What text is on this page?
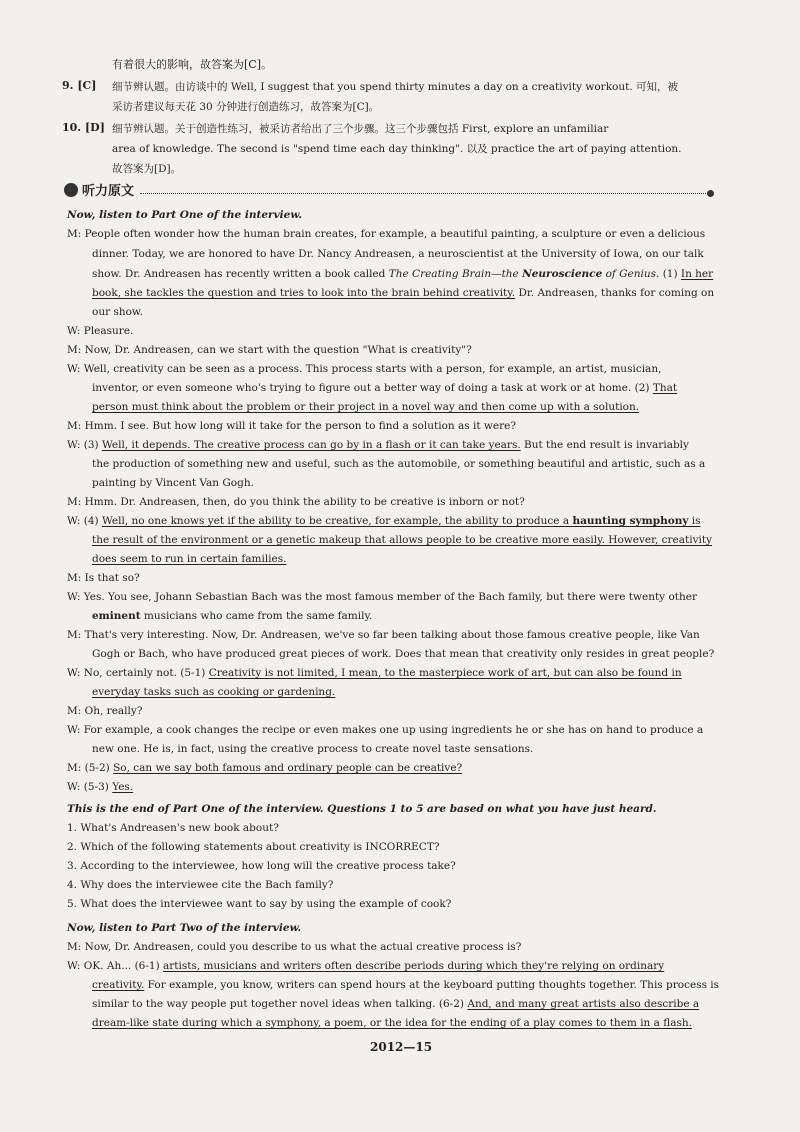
有着很大的影响，故答案为[C]。
9. [C] 细节辨认题。由访谈中的 Well, I suggest that you spend thirty minutes a day on a creativity workout. 可知，被
采访者建议每天花 30 分钟进行创造练习，故答案为[C]。
10. [D] 细节辨认题。关于创造性练习，被采访者给出了三个步骤。这三个步骤包括 First, explore an unfamiliar
area of knowledge. The second is "spend time each day thinking". 以及 practice the art of paying attention.
故答案为[D]。
听力原文
Now, listen to Part One of the interview.
M: People often wonder how the human brain creates, for example, a beautiful painting, a sculpture or even a delicious
dinner. Today, we are honored to have Dr. Nancy Andreasen, a neuroscientist at the University of Iowa, on our talk
show. Dr. Andreasen has recently written a book called The Creating Brain—the Neuroscience of Genius. (1) In her
book, she tackles the question and tries to look into the brain behind creativity. Dr. Andreasen, thanks for coming on
our show.
W: Pleasure.
M: Now, Dr. Andreasen, can we start with the question "What is creativity"?
W: Well, creativity can be seen as a process. This process starts with a person, for example, an artist, musician,
inventor, or even someone who's trying to figure out a better way of doing a task at work or at home. (2) That
person must think about the problem or their project in a novel way and then come up with a solution.
M: Hmm. I see. But how long will it take for the person to find a solution as it were?
W: (3) Well, it depends. The creative process can go by in a flash or it can take years. But the end result is invariably
the production of something new and useful, such as the automobile, or something beautiful and artistic, such as a
painting by Vincent Van Gogh.
M: Hmm. Dr. Andreasen, then, do you think the ability to be creative is inborn or not?
W: (4) Well, no one knows yet if the ability to be creative, for example, the ability to produce a haunting symphony is
the result of the environment or a genetic makeup that allows people to be creative more easily. However, creativity
does seem to run in certain families.
M: Is that so?
W: Yes. You see, Johann Sebastian Bach was the most famous member of the Bach family, but there were twenty other
eminent musicians who came from the same family.
M: That's very interesting. Now, Dr. Andreasen, we've so far been talking about those famous creative people, like Van
Gogh or Bach, who have produced great pieces of work. Does that mean that creativity only resides in great people?
W: No, certainly not. (5-1) Creativity is not limited, I mean, to the masterpiece work of art, but can also be found in
everyday tasks such as cooking or gardening.
M: Oh, really?
W: For example, a cook changes the recipe or even makes one up using ingredients he or she has on hand to produce a
new one. He is, in fact, using the creative process to create novel taste sensations.
M: (5-2) So, can we say both famous and ordinary people can be creative?
W: (5-3) Yes.
This is the end of Part One of the interview. Questions 1 to 5 are based on what you have just heard.
1. What's Andreasen's new book about?
2. Which of the following statements about creativity is INCORRECT?
3. According to the interviewee, how long will the creative process take?
4. Why does the interviewee cite the Bach family?
5. What does the interviewee want to say by using the example of cook?
Now, listen to Part Two of the interview.
M: Now, Dr. Andreasen, could you describe to us what the actual creative process is?
W: OK. Ah... (6-1) artists, musicians and writers often describe periods during which they're relying on ordinary
creativity. For example, you know, writers can spend hours at the keyboard putting thoughts together. This process is
similar to the way people put together novel ideas when talking. (6-2) And, and many great artists also describe a
dream-like state during which a symphony, a poem, or the idea for the ending of a play comes to them in a flash.
2012—15
